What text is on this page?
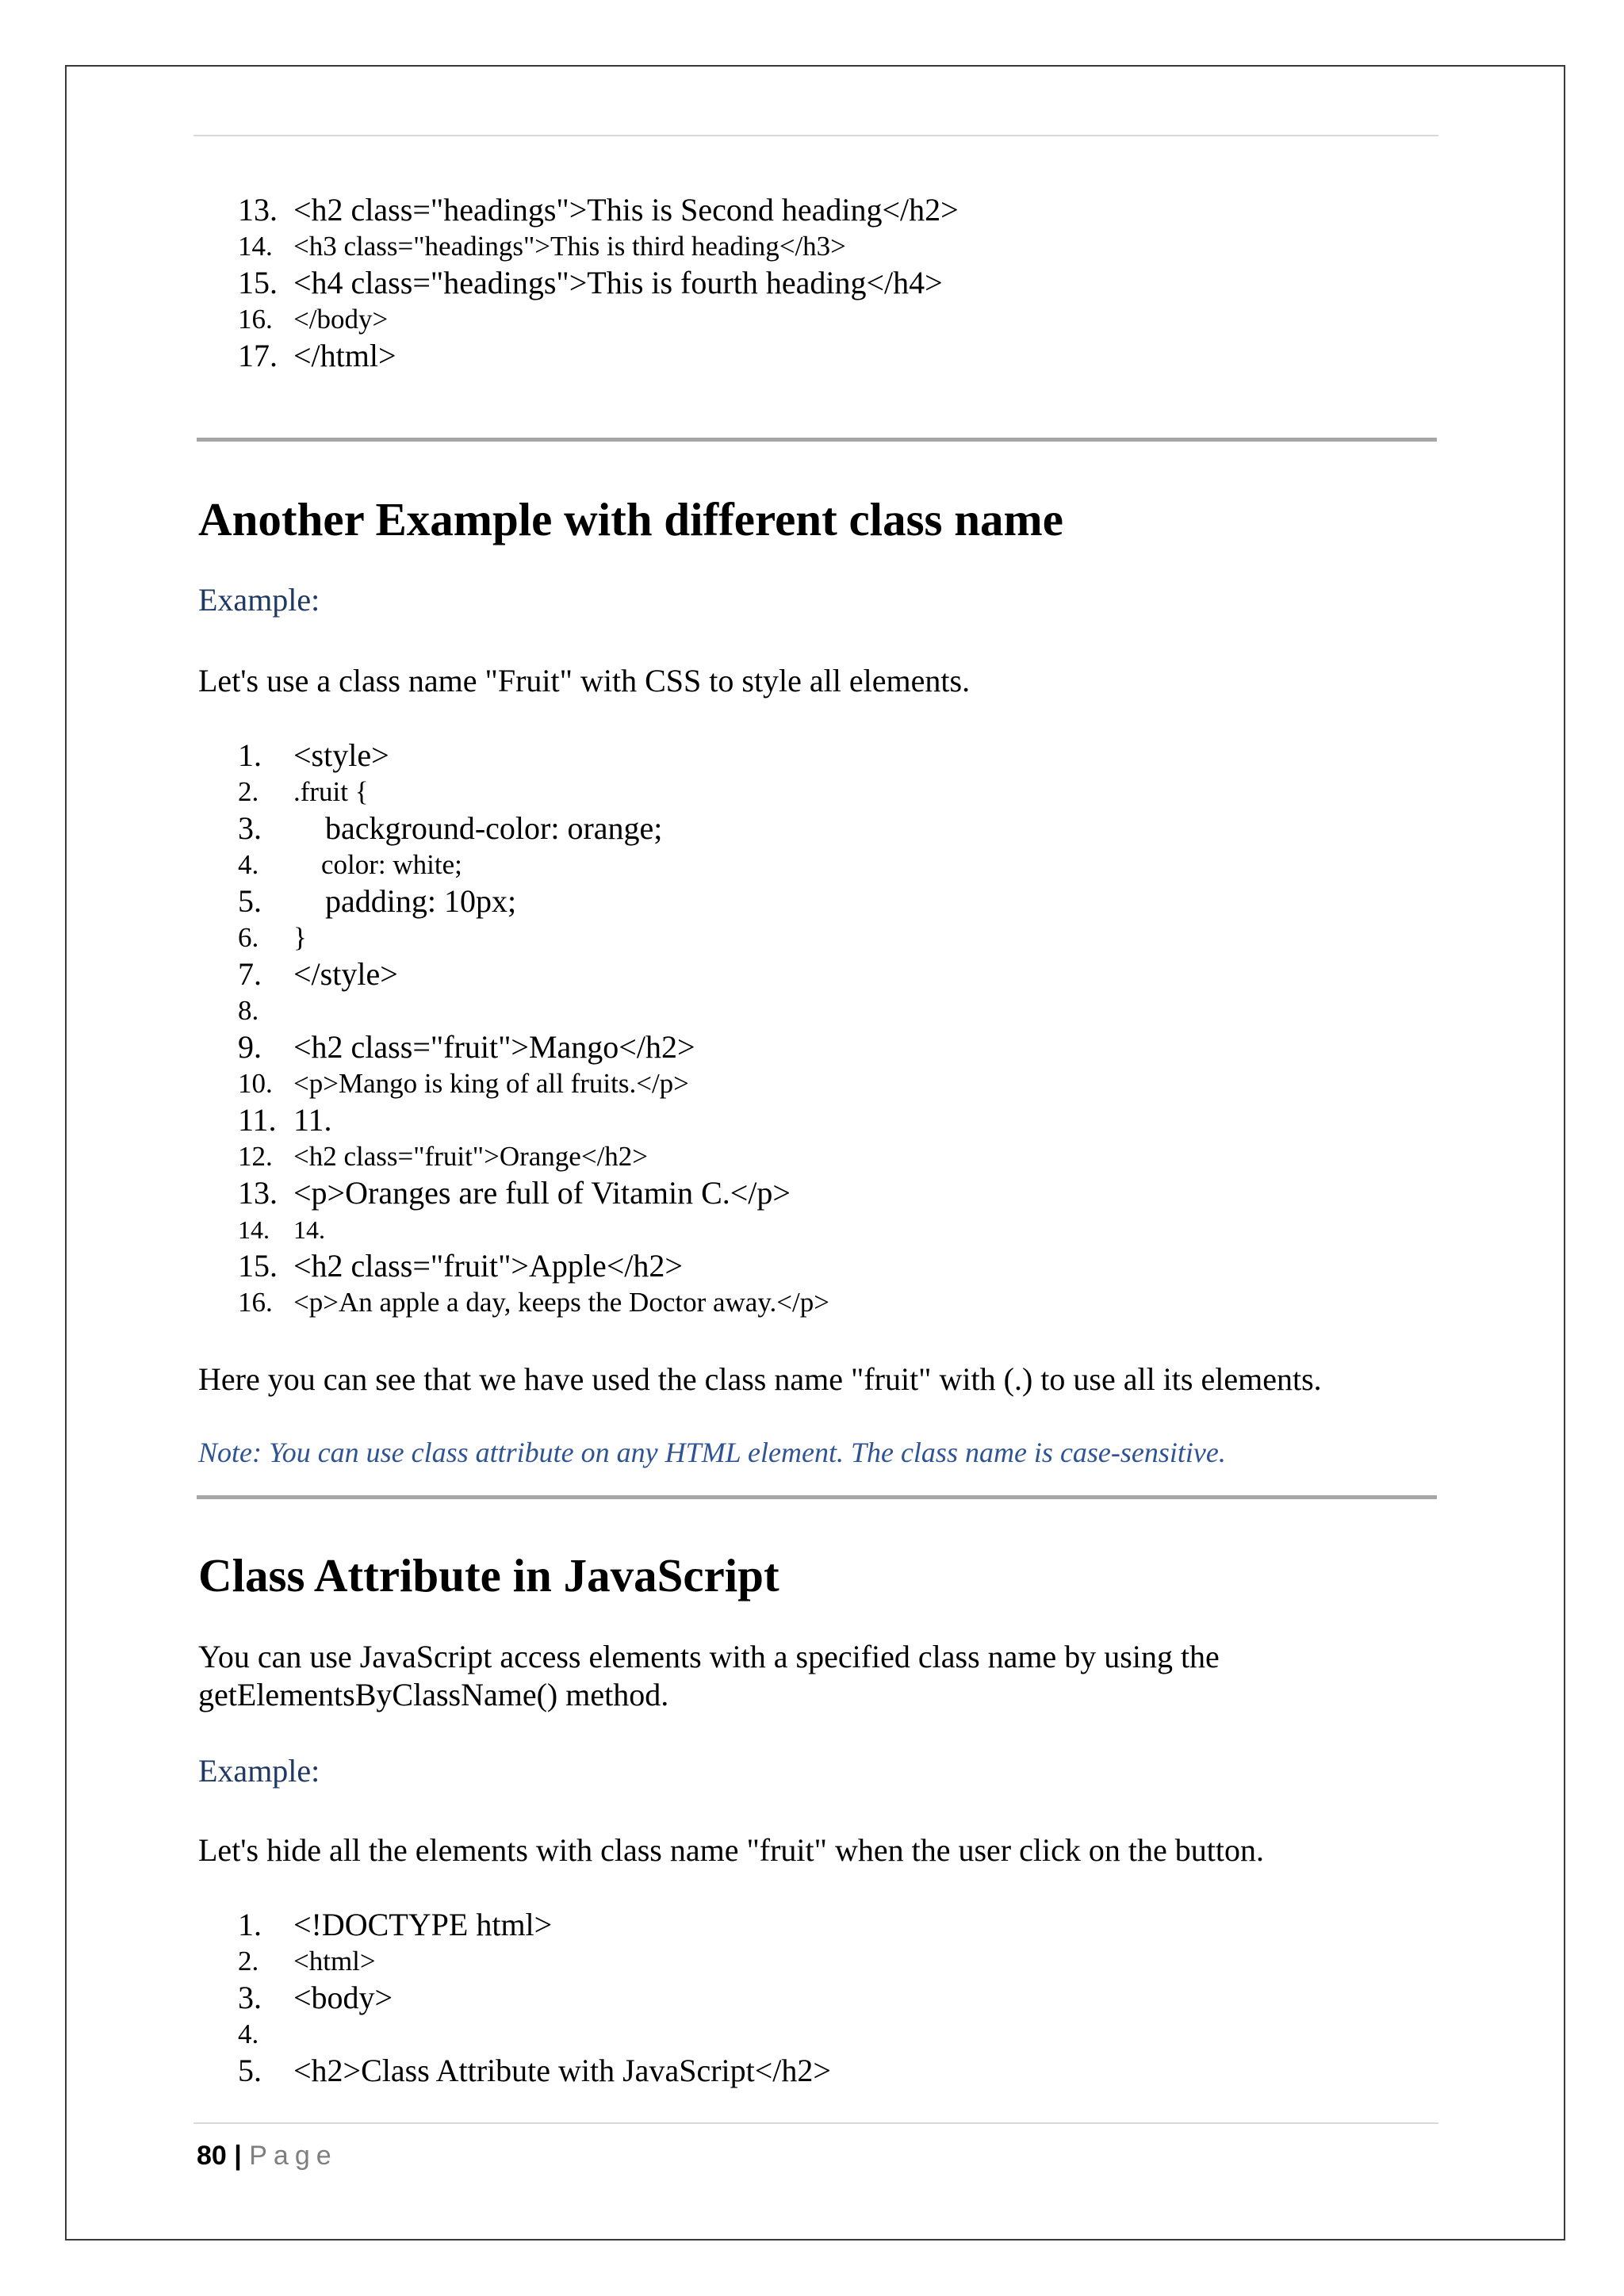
13. <h2 class="headings">This is Second heading</h2>
14. <h3 class="headings">This is third heading</h3>
15. <h4 class="headings">This is fourth heading</h4>
16. </body>
17. </html>
Another Example with different class name
Example:
Let's use a class name "Fruit" with CSS to style all elements.
1. <style>
2. .fruit {
3.    background-color: orange;
4.    color: white;
5.    padding: 10px;
6. }
7. </style>
8.
9. <h2 class="fruit">Mango</h2>
10. <p>Mango is king of all fruits.</p>
11. 11.
12. <h2 class="fruit">Orange</h2>
13. <p>Oranges are full of Vitamin C.</p>
14. 14.
15. <h2 class="fruit">Apple</h2>
16. <p>An apple a day, keeps the Doctor away.</p>
Here you can see that we have used the class name "fruit" with (.) to use all its elements.
Note: You can use class attribute on any HTML element. The class name is case-sensitive.
Class Attribute in JavaScript
You can use JavaScript access elements with a specified class name by using the getElementsByClassName() method.
Example:
Let's hide all the elements with class name "fruit" when the user click on the button.
1. <!DOCTYPE html>
2. <html>
3. <body>
4.
5. <h2>Class Attribute with JavaScript</h2>
80 | Page
